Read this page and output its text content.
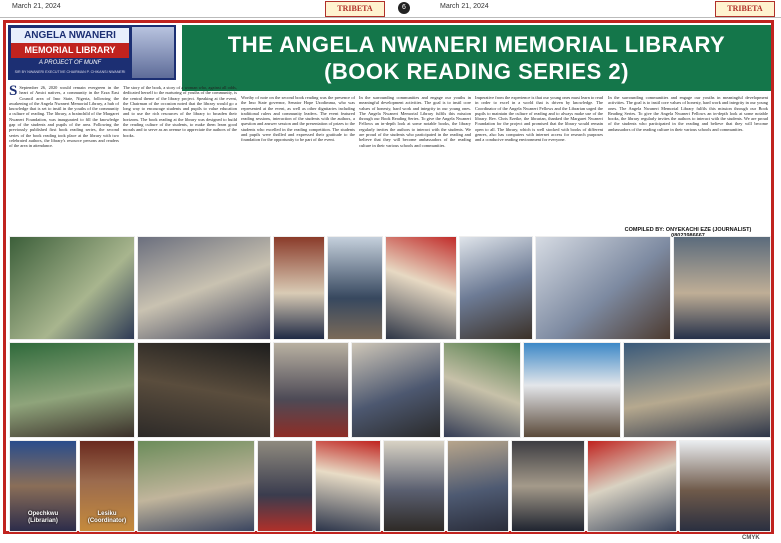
March 21, 2024	TRIBETA	6	March 21, 2024	TRIBETA
ANGELA NWANERI
MEMORIAL LIBRARY
A PROJECT OF MUNF
SIR BY NWANERI EXECUTIVE CHAIRMAN P. CHIKANSI NWANERI
THE ANGELA NWANERI MEMORIAL LIBRARY (BOOK READING SERIES 2)
S September 26, 2020 would remain evergreen in the heart of Amici natives, a community in the Ezza East Council area of Imo State, Nigeria, following the awakening of the Angela Nwaneri Memorial Library, a hub of knowledge that is set to instil in the youths of the community a culture of reading. The library, a brainchild of the Margaret Nwaneri Foundation, was inaugurated to fill the knowledge gap of the students and pupils of the area. Following the previously published first book reading series, the second series of the book reading took place at the library with two celebrated authors, the library's resource persons and readers of the area in attendance.
The story of the book, a story of a woman who, against all odds, dedicated herself to the nurturing of youths of the community, is the central theme of the library project. Speaking at the event, the Chairman of the occasion noted that the library would go a long way to encourage students and pupils to value education and to use the rich resources of the library to broaden their horizons. The book reading at the library was designed to build the reading culture of the students, to make them learn good morals and to serve as an avenue to appreciate the authors of the books.
Worthy of note on the second book reading was the presence of the Imo State governor, Senator Hope Uzodimma, who was represented at the event, as well as other dignitaries including traditional rulers and community leaders. The event featured reading sessions, interaction of the students with the authors, a question and answer session and the presentation of prizes to the students who excelled in the reading competition. The students and pupils were thrilled and expressed their gratitude to the foundation for the opportunity to be part of the event.
In the surrounding communities and engage our youths in meaningful development activities. The goal is to instil core values of honesty, hard work and integrity in our young ones. The Angela Nwaneri Memorial Library fulfils this mission through our Book Reading Series. To give the Angela Nwaneri Fellows an in-depth look at some notable books, the library regularly invites the authors to interact with the students. We are proud of the students who participated in the reading and believe that they will become ambassadors of the reading culture in their various schools and communities.
Imperative from the experience is that our young ones must learn to read in order to excel in a world that is driven by knowledge. The Coordinator of the Angela Nwaneri Fellows and the Librarian urged the pupils to maintain the culture of reading and to always make use of the library. Rev. Chris Ezeike, the librarian, thanked the Margaret Nwaneri Foundation for the project and promised that the library would remain open to all. The library, which is well stocked with books of different genres, also has computers with internet access for research purposes and a conducive reading environment for everyone.
In the surrounding communities and engage our youths in meaningful development activities. The goal is to instil core values of honesty, hard work and integrity in our young ones. The Angela Nwaneri Memorial Library fulfils this mission through our Book Reading Series. To give the Angela Nwaneri Fellows an in-depth look at some notable books, the library regularly invites the authors to interact with the students. We are proud of the students who participated in the reading and believe that they will become ambassadors of the reading culture in their various schools and communities.
COMPILED BY: ONYEKACHI EZE (JOURNALIST)
Opechkwu
(Librarian)
Lesiku
(Coordinator)
CMYK
